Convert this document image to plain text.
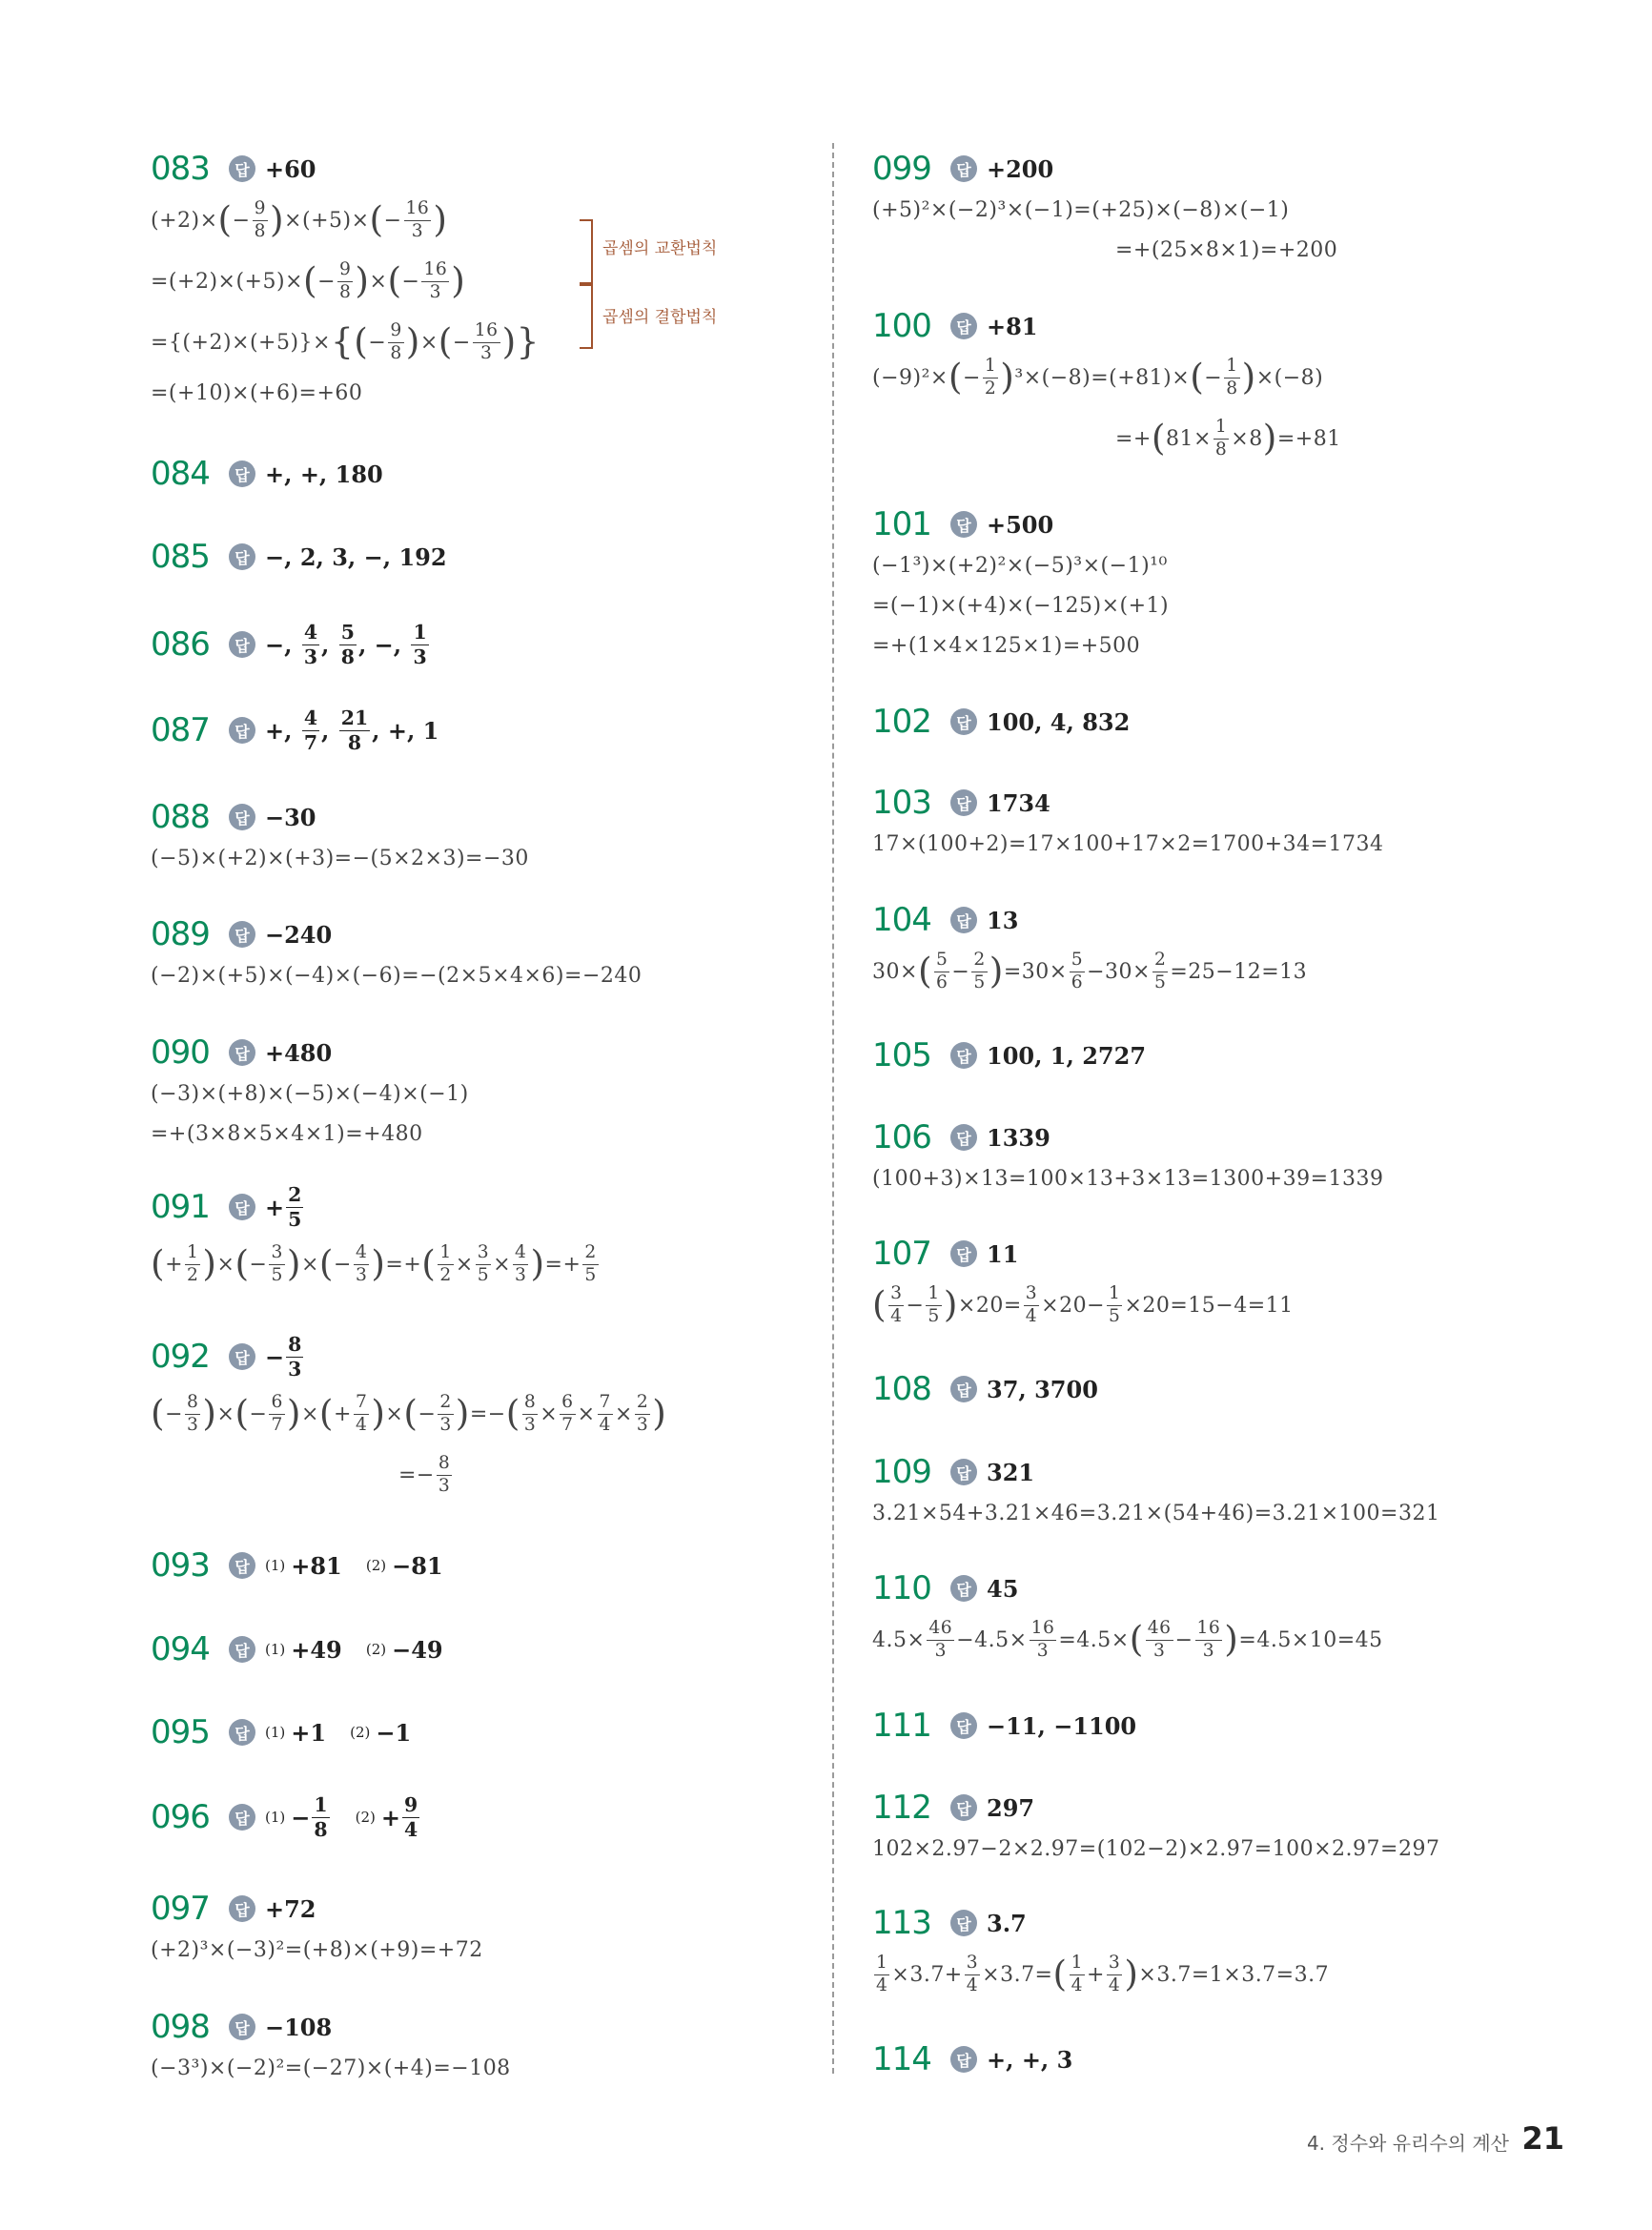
083	답 +60
(+2)× ( − $\frac{9}{8}$ ) ×(+5)× ( − $\frac{16}{3}$ )
=(+2)×(+5)× ( − $\frac{9}{8}$ ) × ( − $\frac{16}{3}$ )
={(+2)×(+5)}× {( − $\frac{9}{8}$ ) × ( − $\frac{16}{3}$ )}
=(+10)×(+6)=+60
곱셈의 교환법칙
곱셈의 결합법칙
084	답 +, +, 180
085	답 −, 2, 3, −, 192
086	답 −, $\frac{4}{3}$ , $\frac{5}{8}$ , −, $\frac{1}{3}$
087	답 +, $\frac{4}{7}$ , $\frac{21}{8}$ , +, 1
088	답 −30
(−5)×(+2)×(+3)=−(5×2×3)=−30
089	답 −240
(−2)×(+5)×(−4)×(−6)=−(2×5×4×6)=−240
090	답 +480
(−3)×(+8)×(−5)×(−4)×(−1)
=+(3×8×5×4×1)=+480
091	답 + $\frac{2}{5}$
( + $\frac{1}{2}$ ) × ( − $\frac{3}{5}$ ) × ( − $\frac{4}{3}$ ) =+ ( $\frac{1}{2} \times \frac{3}{5} \times \frac{4}{3}$ ) =+ $\frac{2}{5}$
092	답 − $\frac{8}{3}$
( − $\frac{8}{3}$ ) × ( − $\frac{6}{7}$ ) × ( + $\frac{7}{4}$ ) × ( − $\frac{2}{3}$ ) =− ( $\frac{8}{3} \times \frac{6}{7} \times \frac{7}{4} \times \frac{2}{3}$ )
=− $\frac{8}{3}$
093	답	(1) +81
(2) −81
094	답	(1) +49
(2) −49
095	답	(1) +1
(2) −1
096	답	$(1) - \frac{1}{8}$
$(2) + \frac{9}{4}$
097	답 +72
(+2)³×(−3)²=(+8)×(+9)=+72
098	답 −108
(−3³)×(−2)²=(−27)×(+4)=−108
099	답 +200
(+5)²×(−2)³×(−1)=(+25)×(−8)×(−1)
=+(25×8×1)=+200
100	답 +81
(−9)²× ( − $\frac{1}{2}$ ) ³×(−8)=(+81)× ( − $\frac{1}{8}$ ) ×(−8)
=+ ( $81\times \frac{1}{8} \times 8$ ) =+81
101	답 +500
(−1³)×(+2)²×(−5)³×(−1)¹⁰
=(−1)×(+4)×(−125)×(+1)
=+(1×4×125×1)=+500
102	답 100, 4, 832
103	답 1734
17×(100+2)=17×100+17×2=1700+34=1734
104	답 13
30× ( $\frac{5}{6} - \frac{2}{5}$ ) $=30\times \frac{5}{6} -30\times \frac{2}{5} =25-12=13$
105	답 100, 1, 2727
106	답 1339
(100+3)×13=100×13+3×13=1300+39=1339
107	답 11
( $\frac{3}{4} - \frac{1}{5}$ ) $\times 20= \frac{3}{4} \times 20- \frac{1}{5} \times 20=15-4=11$
108	답 37, 3700
109	답 321
3.21×54+3.21×46=3.21×(54+46)=3.21×100=321
110	답 45
$4.5\times \frac{46}{3} -4.5\times \frac{16}{3} =4.5\times$ ( $\frac{46}{3} - \frac{16}{3}$ ) =4.5×10=45
111	답 −11, −1100
112	답 297
102×2.97−2×2.97=(102−2)×2.97=100×2.97=297
113	답 3.7
$\frac{1}{4} \times 3.7+ \frac{3}{4} \times 3.7=$ ( $\frac{1}{4} + \frac{3}{4}$ ) ×3.7=1×3.7=3.7
114	답 +, +, 3
4. 정수와 유리수의 계산 21
